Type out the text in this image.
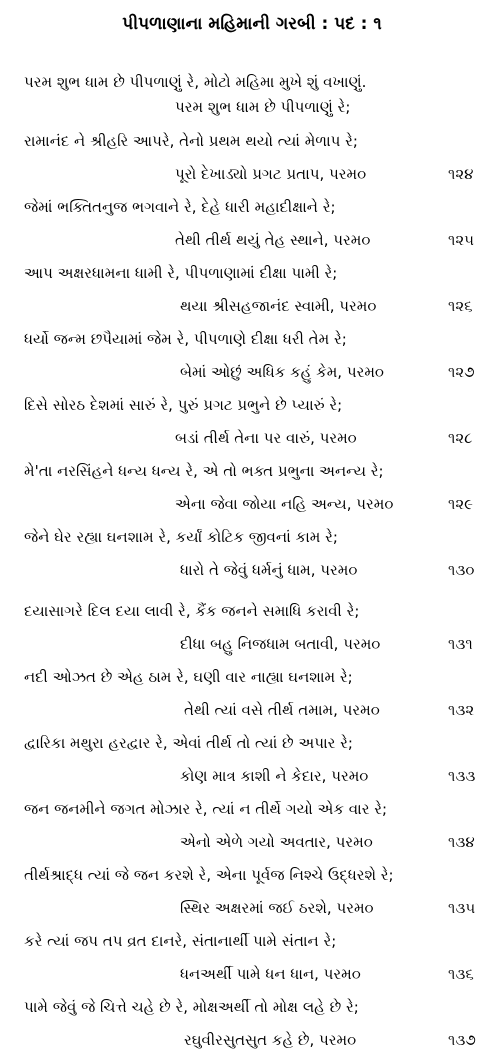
પીપળાણાના મહિમાની ગરબી : પદ : ૧
પરમ શુભ ધામ છે પીપળાણું રે, મોટો મહિમા મુખે શું વખાણું.
પરમ શુભ ધામ છે પીપળાણું રે;
રામાનંદ ને શ્રીહરિ આપરે, તેનો પ્રથમ થયો ત્યાં મેળાપ રે;
પૂરો દેખાડ્યો પ્રગટ પ્રતાપ, પરમ૦	૧૨૪
જેમાં ભક્તિતનુજ ભગવાને રે, દેહે ધારી મહાદીક્ષાને રે;
તેથી તીર્થ થયું તેહ સ્થાને, પરમ૦	૧૨૫
આપ અક્ષરધામના ધામી રે, પીપળાણામાં દીક્ષા પામી રે;
થયા શ્રીસહજાનંદ સ્વામી, પરમ૦	૧૨૬
ધર્યો જન્મ છપૈયામાં જેમ રે, પીપળાણે દીક્ષા ધરી તેમ રે;
બેમાં ઓછું અધિક કહું કેમ, પરમ૦	૧૨૭
દિસે સોરઠ દેશમાં સારું રે, પુરું પ્રગટ પ્રભુને છે પ્યારું રે;
બડાં તીર્થ તેના પર વારું, પરમ૦	૧૨૮
મે'તા નરસિંહને ધન્ય ધન્ય રે, એ તો ભક્ત પ્રભુના અનન્ય રે;
એના જેવા જોયા નહિ અન્ય, પરમ૦	૧૨૯
જેને ઘેર રહ્યા ઘનશામ રે, કર્યાં કોટિક જીવનાં કામ રે;
ધારો તે જેવું ધર્મનું ધામ, પરમ૦	૧૩૦
દયાસાગરે દિલ દયા લાવી રે, કૈંક જનને સમાધિ કરાવી રે;
દીધા બહુ નિજધામ બતાવી, પરમ૦	૧૩૧
નદી ઓઝત છે એહ ઠામ રે, ઘણી વાર નાહ્યા ઘનશામ રે;
તેથી ત્યાં વસે તીર્થ તમામ, પરમ૦	૧૩૨
દ્વારિકા મથુરા હરદ્વાર રે, એવાં તીર્થ તો ત્યાં છે અપાર રે;
કોણ માત્ર કાશી ને કેદાર, પરમ૦	૧૩૩
જન જનમીને જગત મોઝાર રે, ત્યાં ન તીર્થે ગયો એક વાર રે;
એનો એળે ગયો અવતાર, પરમ૦	૧૩૪
તીર્થશ્રાદ્ધ ત્યાં જે જન કરશે રે, એના પૂર્વજ નિશ્ચે ઉદ્ધરશે રે;
સ્થિર અક્ષરમાં જઈ ઠરશે, પરમ૦	૧૩૫
કરે ત્યાં જપ તપ વ્રત દાનરે, સંતાનાર્થી પામે સંતાન રે;
ધનઅર્થી પામે ધન ધાન, પરમ૦	૧૩૬
પામે જેવું જે ચિત્તે ચહે છે રે, મોક્ષઅર્થી તો મોક્ષ લહે છે રે;
રઘુવીરસુતસુત કહે છે, પરમ૦	૧૩૭
